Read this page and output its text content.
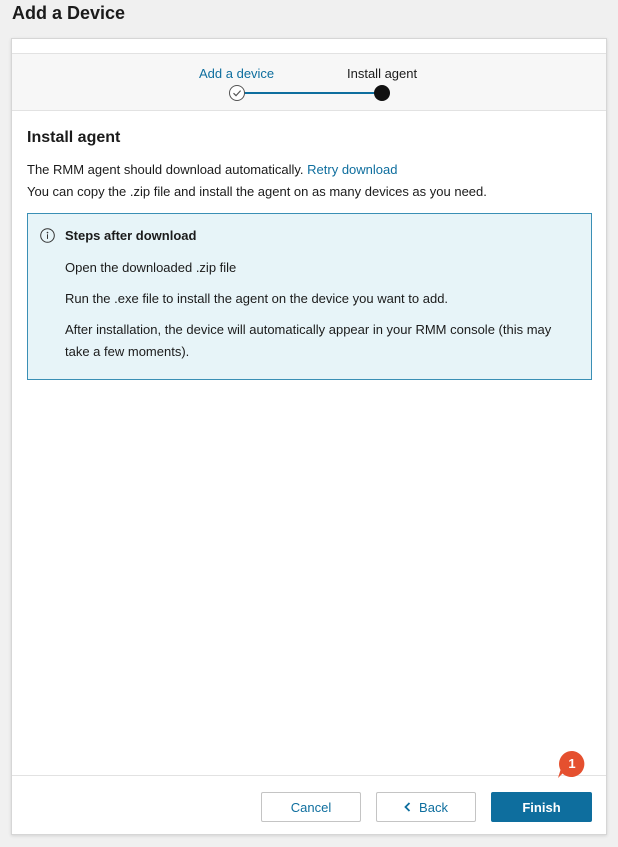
Add a Device
Add a device	Install agent
Install agent
The RMM agent should download automatically. Retry download
You can copy the .zip file and install the agent on as many devices as you need.
Steps after download
Open the downloaded .zip file
Run the .exe file to install the agent on the device you want to add.
After installation, the device will automatically appear in your RMM console (this may take a few moments).
Cancel	Back	Finish
1
